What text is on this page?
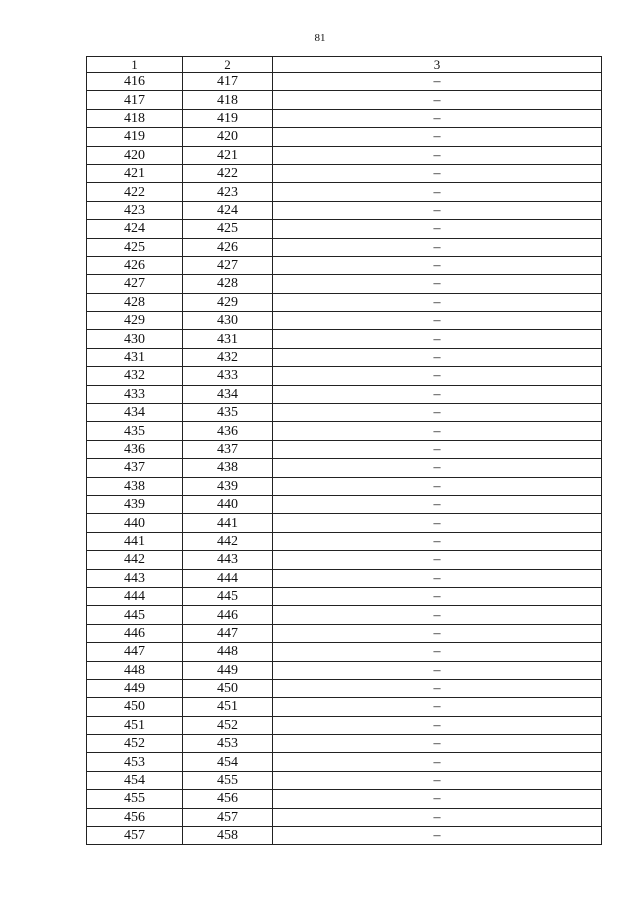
81
1	2	3
416	417	–
417	418	–
418	419	–
419	420	–
420	421	–
421	422	–
422	423	–
423	424	–
424	425	–
425	426	–
426	427	–
427	428	–
428	429	–
429	430	–
430	431	–
431	432	–
432	433	–
433	434	–
434	435	–
435	436	–
436	437	–
437	438	–
438	439	–
439	440	–
440	441	–
441	442	–
442	443	–
443	444	–
444	445	–
445	446	–
446	447	–
447	448	–
448	449	–
449	450	–
450	451	–
451	452	–
452	453	–
453	454	–
454	455	–
455	456	–
456	457	–
457	458	–
